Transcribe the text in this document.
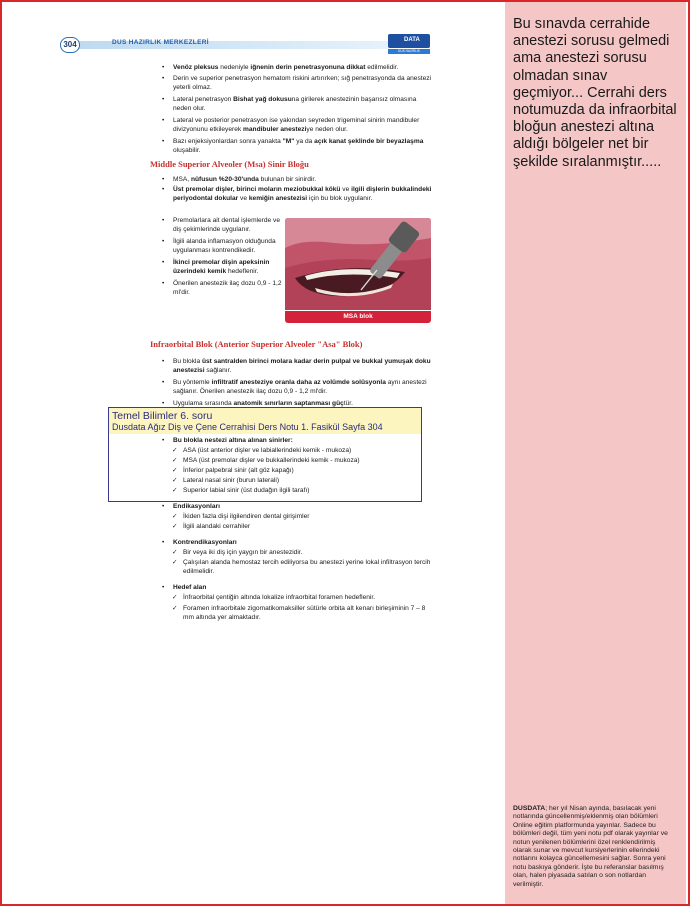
304	DUS HAZIRLIK MERKEZLERİ	DATA
DUS HAZIRLIK MERKEZLERİ
• Venöz pleksus nedeniyle iğnenin derin penetrasyonuna dikkat edilmelidir.
• Derin ve superior penetrasyon hematom riskini artırırken; sığ penetrasyonda da anestezi yeterli olmaz.
• Lateral penetrasyon Bishat yağ dokusuna girilerek anestezinin başarısız olmasına neden olur.
• Lateral ve posterior penetrasyon ise yakından seyreden trigeminal sinirin mandibuler divizyonunu etkileyerek mandibuler anesteziye neden olur.
• Bazı enjeksiyonlardan sonra yanakta "M" ya da açık kanat şeklinde bir beyazlaşma oluşabilir.
Middle Superior Alveoler (Msa) Sinir Bloğu
• MSA, nüfusun %20-30'unda bulunan bir sinirdir.
• Üst premolar dişler, birinci moların meziobukkal kökü ve ilgili dişlerin bukkalindeki periyodontal dokular ve kemiğin anestezisi için bu blok uygulanır.
• Premolarlara ait dental işlemlerde ve diş çekimlerinde uygulanır.
• İlgili alanda inflamasyon olduğunda uygulanması kontrendikedir.
• İkinci premolar dişin apeksinin üzerindeki kemik hedeflenir.
• Önerilen anestezik ilaç dozu 0,9 - 1,2 ml'dir.
MSA blok
Infraorbital Blok (Anterior Superior Alveoler "Asa" Blok)
• Bu blokla üst santralden birinci molara kadar derin pulpal ve bukkal yumuşak doku anestezisi sağlanır.
• Bu yöntemle infiltratif anesteziye oranla daha az volümde solüsyonla aynı anestezi sağlanır. Önerilen anestezik ilaç dozu 0,9 - 1,2 ml'dir.
• Uygulama sırasında anatomik sınırların saptanması güçtür.
• Bu blokla nestezi altına alınan sinirler:
✓ ASA (üst anterior dişler ve labiallerindeki kemik - mukoza)
✓ MSA (üst premolar dişler ve bukkallerindeki kemik - mukoza)
✓ İnferior palpebral sinir (alt göz kapağı)
✓ Lateral nasal sinir (burun laterali)
✓ Superior labial sinir (üst dudağın ilgili tarafı)
• Endikasyonları
✓ İkiden fazla dişi ilgilendiren dental girişimler
✓ İlgili alandaki cerrahiler
• Kontrendikasyonları
✓ Bir veya iki diş için yaygın bir anestezidir.
✓ Çalışılan alanda hemostaz tercih ediliyorsa bu anestezi yerine lokal infiltrasyon tercih edilmelidir.
• Hedef alan
✓ İnfraorbital çentiğin altında lokalize infraorbital foramen hedeflenir.
✓ Foramen infraorbitale zigomatikomaksiller sütürle orbita alt kenarı birleşiminin 7 – 8 mm altında yer almaktadır.
Temel Bilimler 6. soru
Dusdata Ağız Diş ve Çene Cerrahisi Ders Notu 1. Fasikül Sayfa 304
Bu sınavda cerrahide anestezi sorusu gelmedi ama anestezi sorusu olmadan sınav geçmiyor... Cerrahi ders notumuzda da infraorbital bloğun anestezi altına aldığı bölgeler net bir şekilde sıralanmıştır.....
DUSDATA; her yıl Nisan ayında, basılacak yeni notlarında güncellenmiş/eklenmiş olan bölümleri Online eğitim platformunda yayınlar. Sadece bu bölümleri değil, tüm yeni notu pdf olarak yayınlar ve notun yenilenen bölümlerini özel renklendirilmiş olarak sunar ve mevcut kursiyerlerinin ellerindeki notlarını kolayca güncellemesini sağlar. Sonra yeni notu baskıya gönderir. İşte bu referanslar basılmış olan, halen piyasada satılan o son notlardan verilmiştir.
